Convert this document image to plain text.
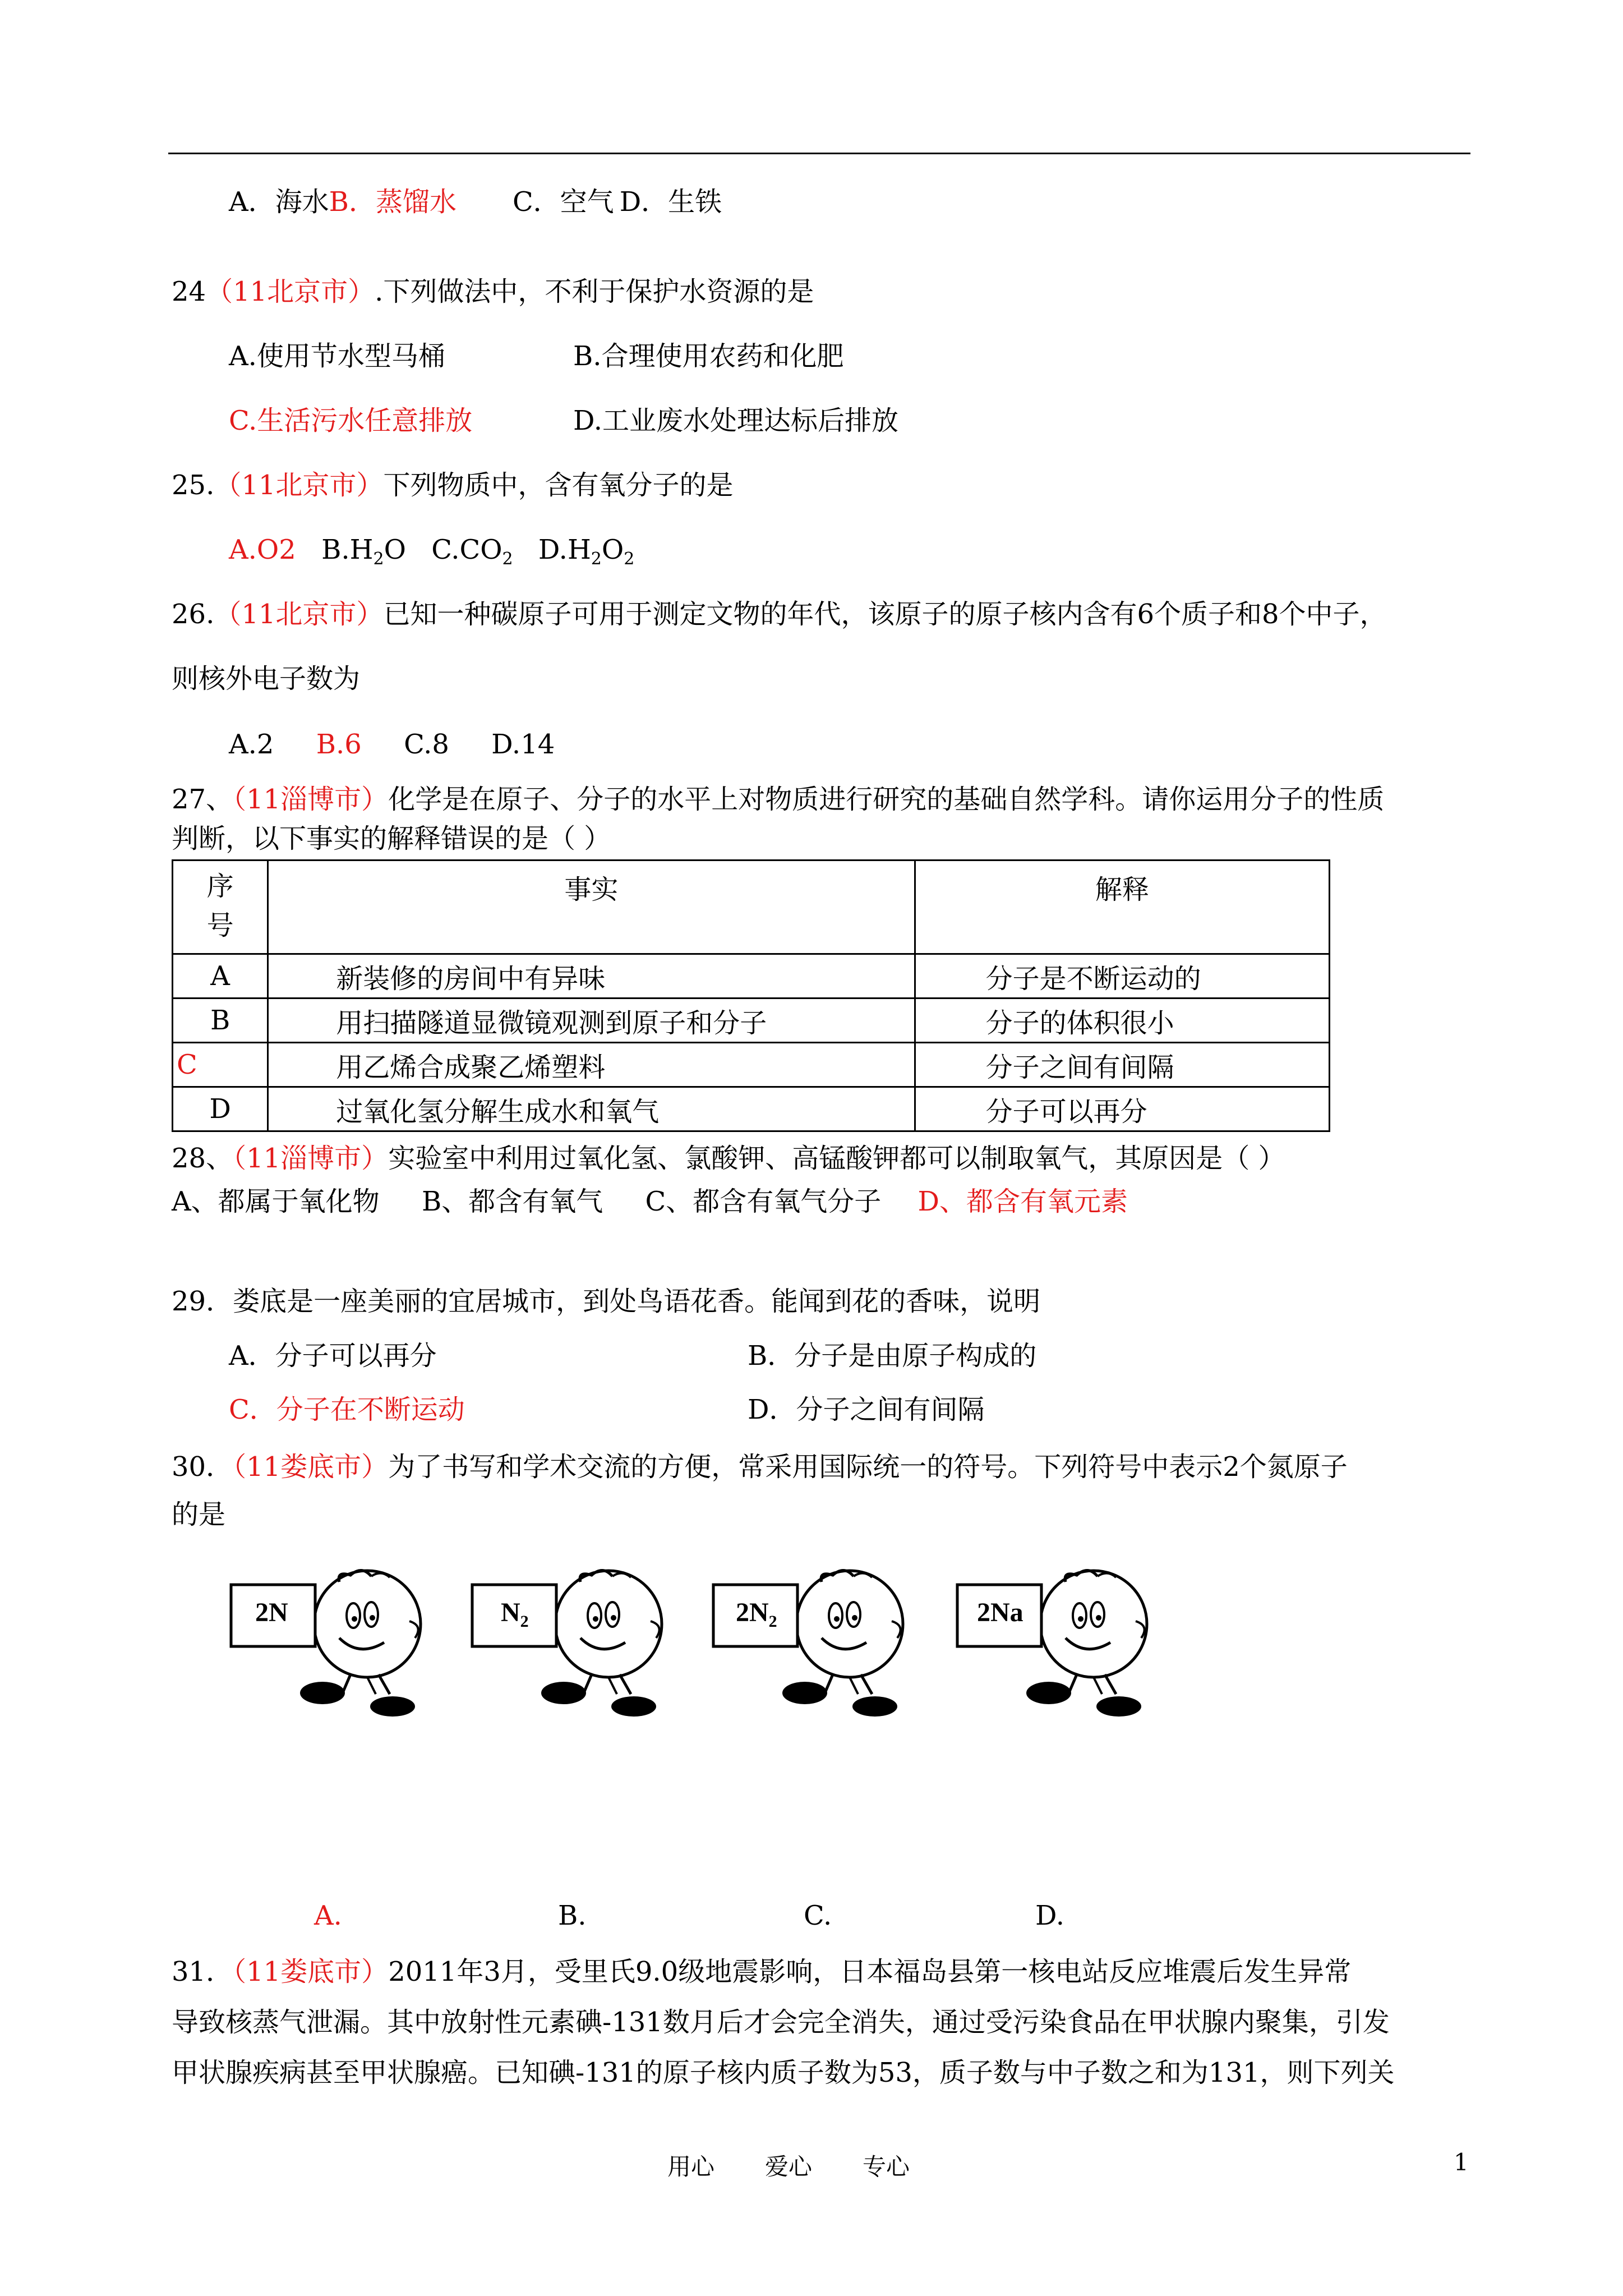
A．海水B．蒸馏水 C．空气 D．生铁
24（11北京市）.下列做法中，不利于保护水资源的是
A.使用节水型马桶	B.合理使用农药和化肥
C.生活污水任意排放	D.工业废水处理达标后排放
25.（11北京市）下列物质中，含有氧分子的是
A.O2 $B.H_2O$ $C.CO_2$ $D.H_2O_2$
26.（11北京市）已知一种碳原子可用于测定文物的年代，该原子的原子核内含有6个质子和8个中子，
则核外电子数为
A.2 B.6 C.8 D.14
27、（11淄博市）化学是在原子、分子的水平上对物质进行研究的基础自然学科。请你运用分子的性质
判断，以下事实的解释错误的是（ ）
序
号	事实	解释
A	新装修的房间中有异味	分子是不断运动的
B	用扫描隧道显微镜观测到原子和分子	分子的体积很小
C	用乙烯合成聚乙烯塑料	分子之间有间隔
D	过氧化氢分解生成水和氧气	分子可以再分
28、（11淄博市）实验室中利用过氧化氢、氯酸钾、高锰酸钾都可以制取氧气，其原因是（ ）
A、都属于氧化物 B、都含有氧气 C、都含有氧气分子 D、都含有氧元素
29．娄底是一座美丽的宜居城市，到处鸟语花香。能闻到花的香味，说明
A．分子可以再分	B．分子是由原子构成的
C．分子在不断运动	D．分子之间有间隔
30．（11娄底市）为了书写和学术交流的方便，常采用国际统一的符号。下列符号中表示2个氮原子
的是
2N	$N_2$	$2N_2$	2Na
A.	B.	C.	D.
31．（11娄底市）2011年3月，受里氏9.0级地震影响，日本福岛县第一核电站反应堆震后发生异常
导致核蒸气泄漏。其中放射性元素碘-131数月后才会完全消失，通过受污染食品在甲状腺内聚集，引发
甲状腺疾病甚至甲状腺癌。已知碘-131的原子核内质子数为53，质子数与中子数之和为131，则下列关
用心 爱心 专心	1
